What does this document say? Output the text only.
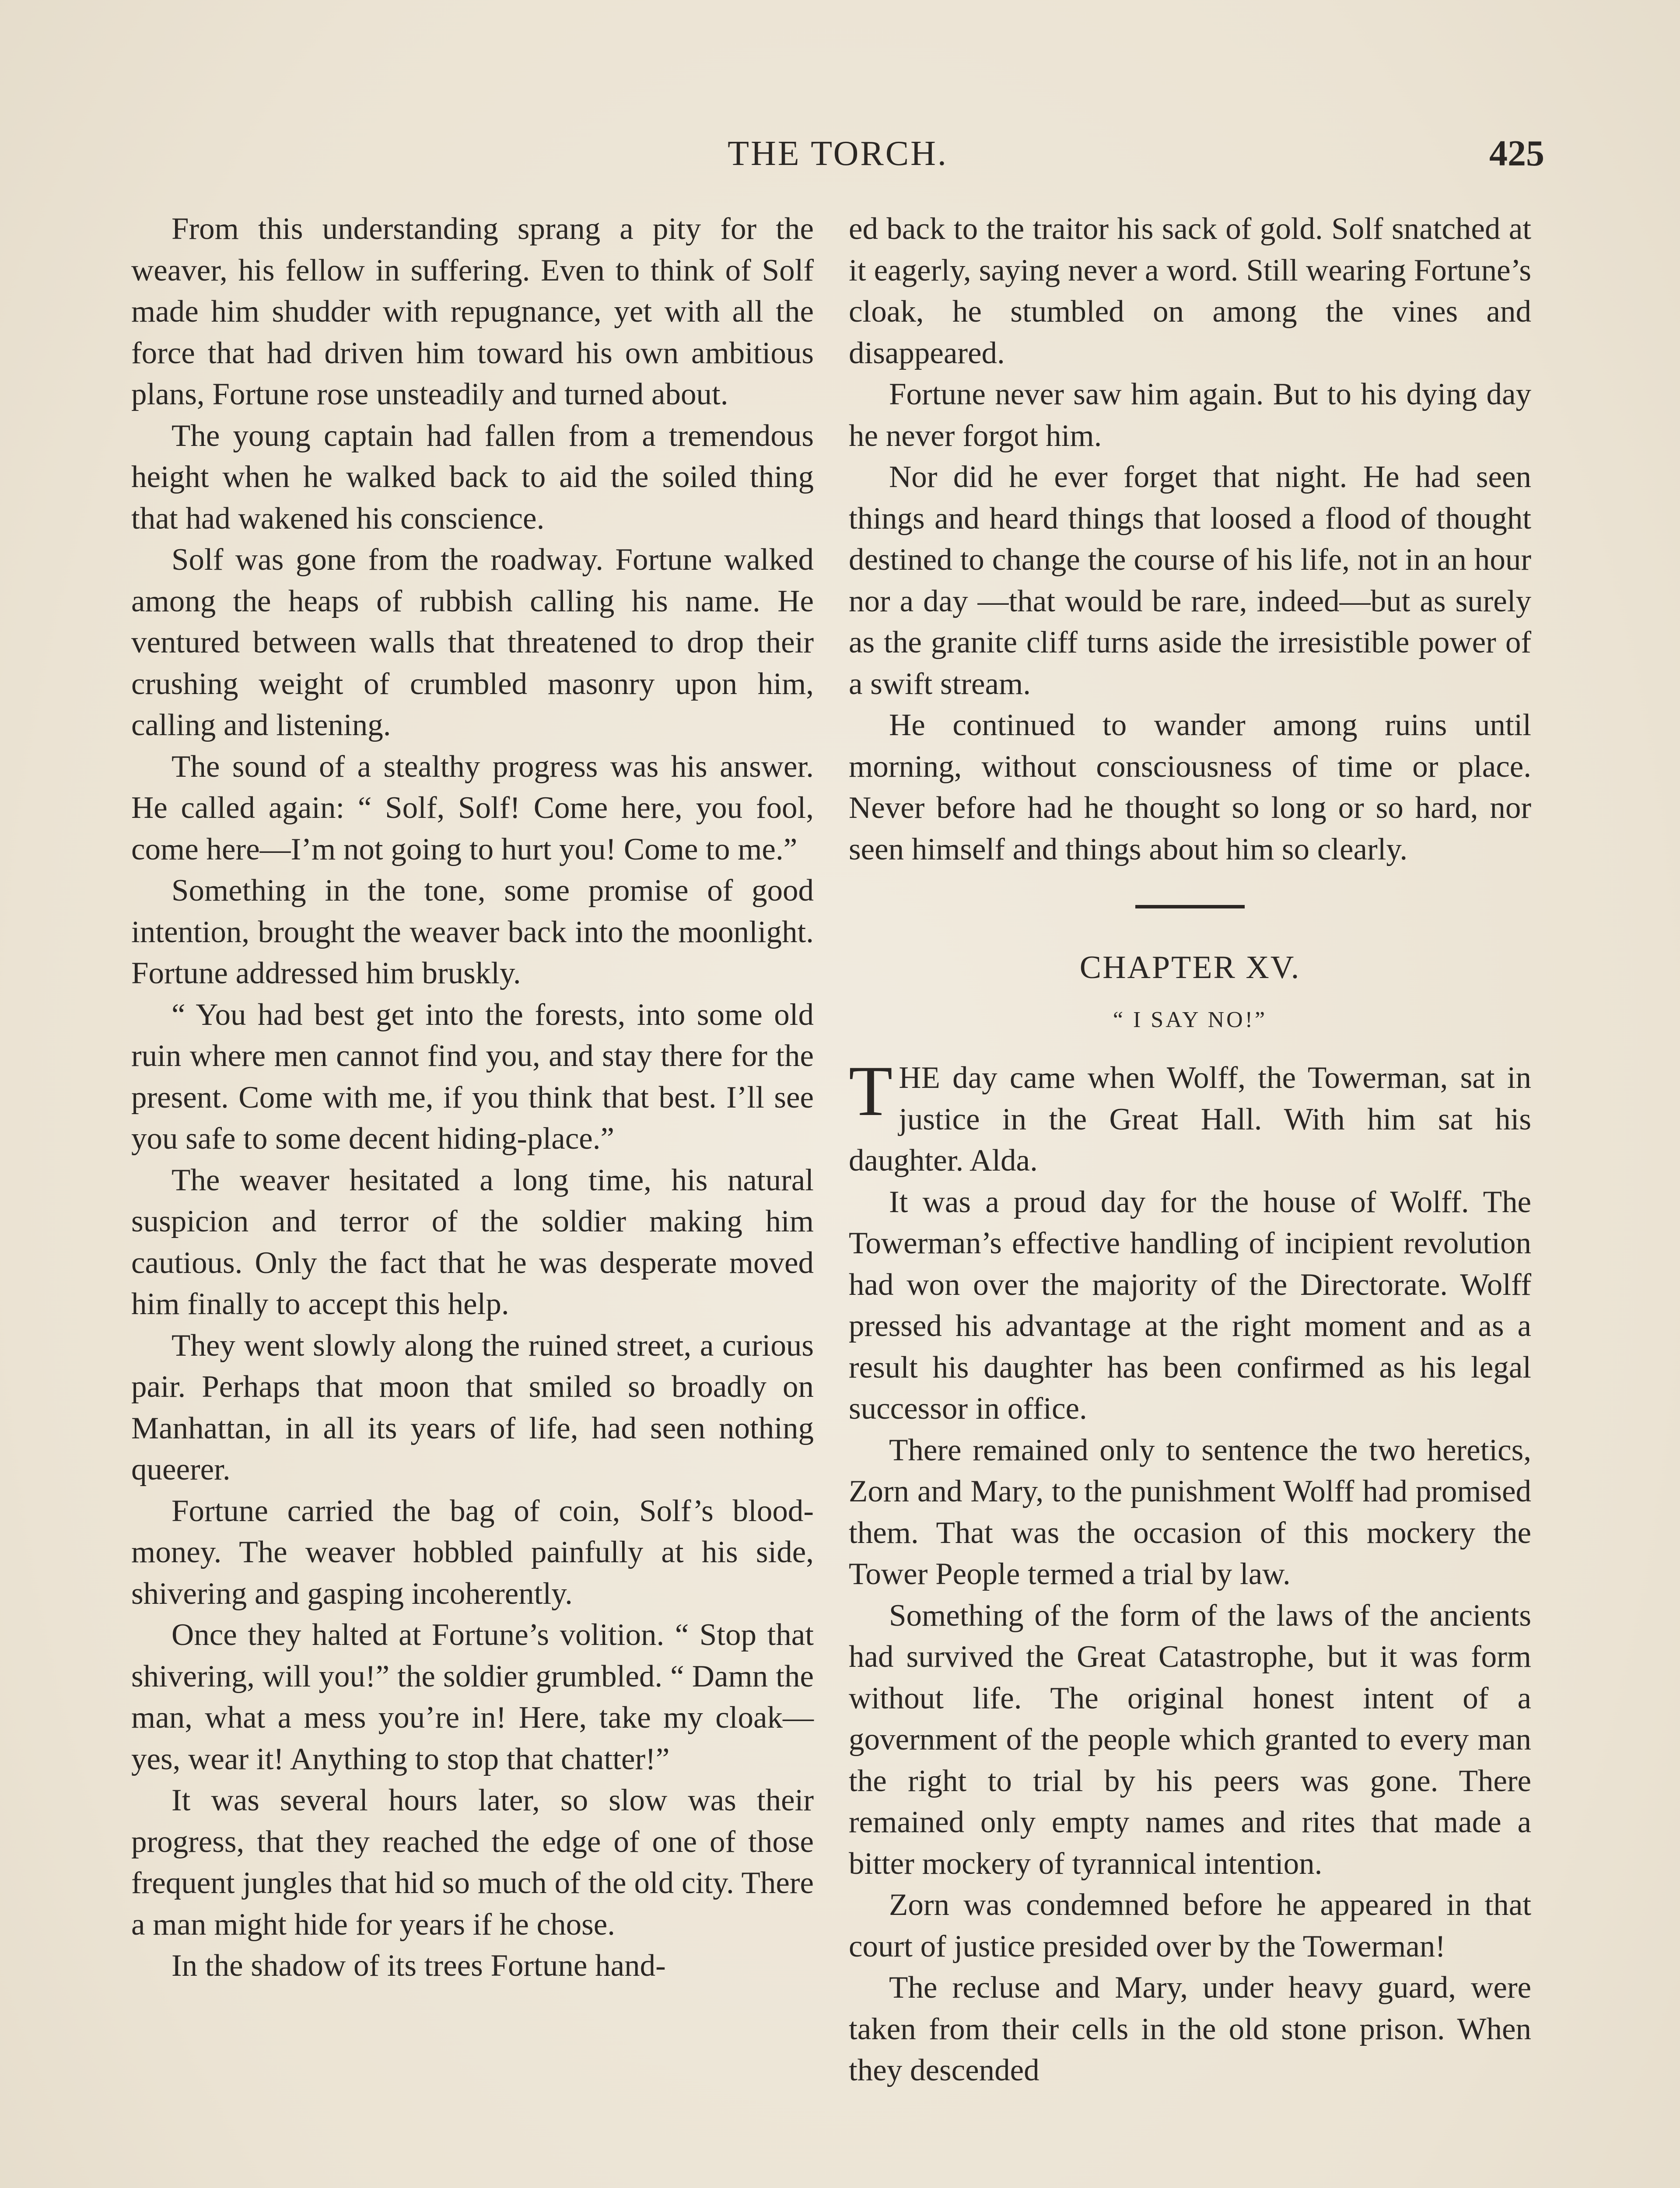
THE TORCH.	425

From this understanding sprang a pity for the weaver, his fellow in suffering. Even to think of Solf made him shudder with repugnance, yet with all the force that had driven him toward his own ambitious plans, Fortune rose unsteadily and turned about.

The young captain had fallen from a tremendous height when he walked back to aid the soiled thing that had wakened his conscience.

Solf was gone from the roadway. Fortune walked among the heaps of rubbish calling his name. He ventured between walls that threatened to drop their crushing weight of crumbled masonry upon him, calling and listening.

The sound of a stealthy progress was his answer. He called again: “ Solf, Solf! Come here, you fool, come here—I’m not going to hurt you! Come to me.”

Something in the tone, some promise of good intention, brought the weaver back into the moonlight. Fortune addressed him bruskly.

“ You had best get into the forests, into some old ruin where men cannot find you, and stay there for the present. Come with me, if you think that best. I’ll see you safe to some decent hiding-place.”

The weaver hesitated a long time, his natural suspicion and terror of the soldier making him cautious. Only the fact that he was desperate moved him finally to accept this help.

They went slowly along the ruined street, a curious pair. Perhaps that moon that smiled so broadly on Manhattan, in all its years of life, had seen nothing queerer.

Fortune carried the bag of coin, Solf’s blood-money. The weaver hobbled painfully at his side, shivering and gasping incoherently.

Once they halted at Fortune’s volition. “ Stop that shivering, will you!” the soldier grumbled. “ Damn the man, what a mess you’re in! Here, take my cloak—yes, wear it! Anything to stop that chatter!”

It was several hours later, so slow was their progress, that they reached the edge of one of those frequent jungles that hid so much of the old city. There a man might hide for years if he chose.

In the shadow of its trees Fortune hand-

ed back to the traitor his sack of gold. Solf snatched at it eagerly, saying never a word. Still wearing Fortune’s cloak, he stumbled on among the vines and disappeared.

Fortune never saw him again. But to his dying day he never forgot him.

Nor did he ever forget that night. He had seen things and heard things that loosed a flood of thought destined to change the course of his life, not in an hour nor a day —that would be rare, indeed—but as surely as the granite cliff turns aside the irresistible power of a swift stream.

He continued to wander among ruins until morning, without consciousness of time or place. Never before had he thought so long or so hard, nor seen himself and things about him so clearly.

CHAPTER XV.
“ I SAY NO!”

THE day came when Wolff, the Towerman, sat in justice in the Great Hall. With him sat his daughter. Alda.

It was a proud day for the house of Wolff. The Towerman’s effective handling of incipient revolution had won over the majority of the Directorate. Wolff pressed his advantage at the right moment and as a result his daughter has been confirmed as his legal successor in office.

There remained only to sentence the two heretics, Zorn and Mary, to the punishment Wolff had promised them. That was the occasion of this mockery the Tower People termed a trial by law.

Something of the form of the laws of the ancients had survived the Great Catastrophe, but it was form without life. The original honest intent of a government of the people which granted to every man the right to trial by his peers was gone. There remained only empty names and rites that made a bitter mockery of tyrannical intention.

Zorn was condemned before he appeared in that court of justice presided over by the Towerman!

The recluse and Mary, under heavy guard, were taken from their cells in the old stone prison. When they descended
